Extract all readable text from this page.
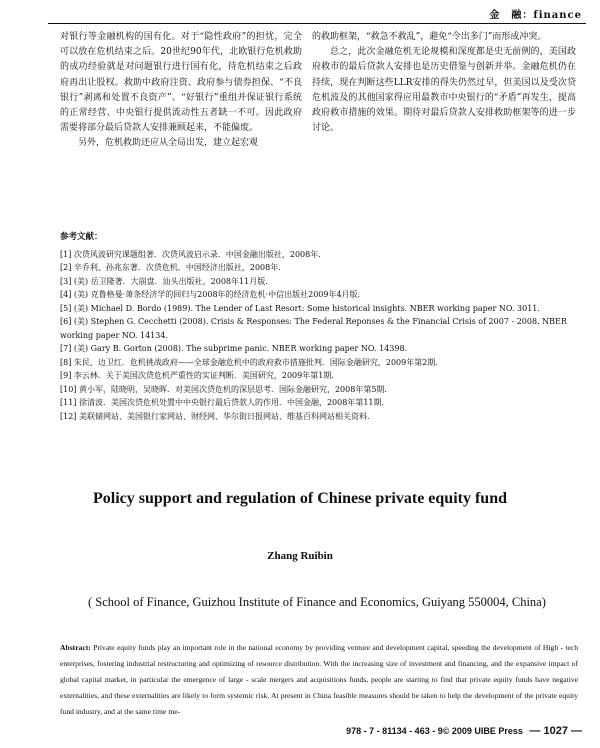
金　融：finance

对银行等金融机构的国有化。对于“隐性政府”的担忧，完全可以放在危机结束之后。20世纪90年代，北欧银行危机救助的成功经验就是对问题银行进行国有化，待危机结束之后政府再出让股权。救助中政府注资、政府参与债券担保、“不良银行”剥离和处置不良资产”、“好银行”重组并保证银行系统的正常经营、中央银行提供流动性五者缺一不可。因此政府需要将部分最后贷款人安排兼顾起来，不能偏废。

另外，危机救助还应从全局出发，建立起宏观

的救助框架，“救急不救乱”，避免“令出多门”而形成冲突。

总之，此次金融危机无论规模和深度都是史无前例的，美国政府救市的最后贷款人安排也是历史借鉴与创新并举。金融危机仍在持续，现在判断这些LLR安排的得失仍然过早，但美国以及受次贷危机波及的其他国家得应用最教市中央银行的“矛盾”再发生，提高政府救市措施的效果。期待对最后贷款人安排救助框架等的进一步讨论。

参考文献：
[1] 次贷风波研究课题组著．次贷风波启示录．中国金融出版社，2008年．
[2] 辛乔利、孙兆东著．次贷危机．中国经济出版社，2008年．
[3] (美) 岳卫隆著．大崩盘．汕头出版社，2008年11月版．
[4] (美) 克鲁格曼·萧条经济学的回归与2008年的经济危机·中信出版社2009年4月版．
[5] (美) Michael D. Bordo (1989). The Lender of Last Resort: Some historical insights. NBER working paper NO. 3011.
[6] (美) Stephen G. Cecchetti (2008). Crisis & Responses: The Federal Reponses & the Financial Crisis of 2007 - 2008. NBER working paper NO. 14134.
[7] (美) Gary B. Gorton (2008). The subprime panic. NBER working paper NO. 14398.
[8] 朱民，边卫红．危机挑战政府——全球金融危机中的政府救市措施批判．国际金融研究，2009年第2期．
[9] 李云林．关于美国次贷危机严重性的实证判断．美国研究，2009年第1期．
[10] 黄小军，陆晓明，吴晓晖．对美国次贷危机的深层思考．国际金融研究，2008年第5期．
[11] 徐清波．美国次贷危机处置中中央银行最后贷款人的作用．中国金融，2008年第11期．
[12] 美联储网站、美国银行家网站、财经网、华尔街日报网站、维基百科网站相关资料．
Policy support and regulation of Chinese private equity fund
Zhang Ruibin
( School of Finance, Guizhou Institute of Finance and Economics, Guiyang 550004, China)
Abstract: Private equity funds play an important role in the national economy by providing venture and development capital, speeding the development of High - tech enterprises, fostering industrial restructuring and optimizing of resource distribution. With the increasing size of investment and financing, and the expansive impact of global capital market, in particular the emergence of large - scale mergers and acquisitions funds, people are starting to find that private equity funds have negative externalities, and these externalities are likely to form systemic risk. At present in China feasible measures should be taken to help the development of the private equity fund industry, and at the same time me-
978 - 7 - 81134 - 463 - 9© 2009 UIBE Press — 1027 —
